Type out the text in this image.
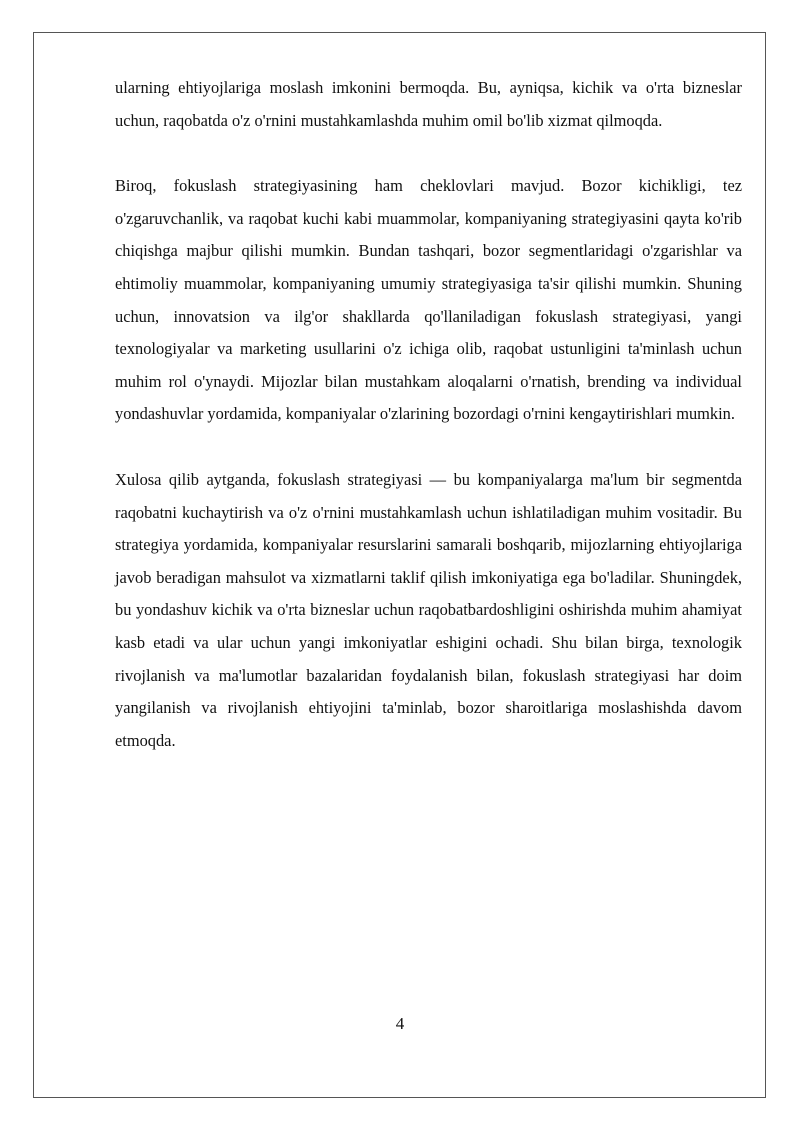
ularning ehtiyojlariga moslash imkonini bermoqda. Bu, ayniqsa, kichik va o'rta bizneslar uchun, raqobatda o'z o'rnini mustahkamlashda muhim omil bo'lib xizmat qilmoqda.

Biroq, fokuslash strategiyasining ham cheklovlari mavjud. Bozor kichikligi, tez o'zgaruvchanlik, va raqobat kuchi kabi muammolar, kompaniyaning strategiyasini qayta ko'rib chiqishga majbur qilishi mumkin. Bundan tashqari, bozor segmentlaridagi o'zgarishlar va ehtimoliy muammolar, kompaniyaning umumiy strategiyasiga ta'sir qilishi mumkin. Shuning uchun, innovatsion va ilg'or shakllarda qo'llaniladigan fokuslash strategiyasi, yangi texnologiyalar va marketing usullarini o'z ichiga olib, raqobat ustunligini ta'minlash uchun muhim rol o'ynaydi. Mijozlar bilan mustahkam aloqalarni o'rnatish, brending va individual yondashuvlar yordamida, kompaniyalar o'zlarining bozordagi o'rnini kengaytirishlari mumkin.

Xulosa qilib aytganda, fokuslash strategiyasi — bu kompaniyalarga ma'lum bir segmentda raqobatni kuchaytirish va o'z o'rnini mustahkamlash uchun ishlatiladigan muhim vositadir. Bu strategiya yordamida, kompaniyalar resurslarini samarali boshqarib, mijozlarning ehtiyojlariga javob beradigan mahsulot va xizmatlarni taklif qilish imkoniyatiga ega bo'ladilar. Shuningdek, bu yondashuv kichik va o'rta bizneslar uchun raqobatbardoshligini oshirishda muhim ahamiyat kasb etadi va ular uchun yangi imkoniyatlar eshigini ochadi. Shu bilan birga, texnologik rivojlanish va ma'lumotlar bazalaridan foydalanish bilan, fokuslash strategiyasi har doim yangilanish va rivojlanish ehtiyojini ta'minlab, bozor sharoitlariga moslashishda davom etmoqda.

4
